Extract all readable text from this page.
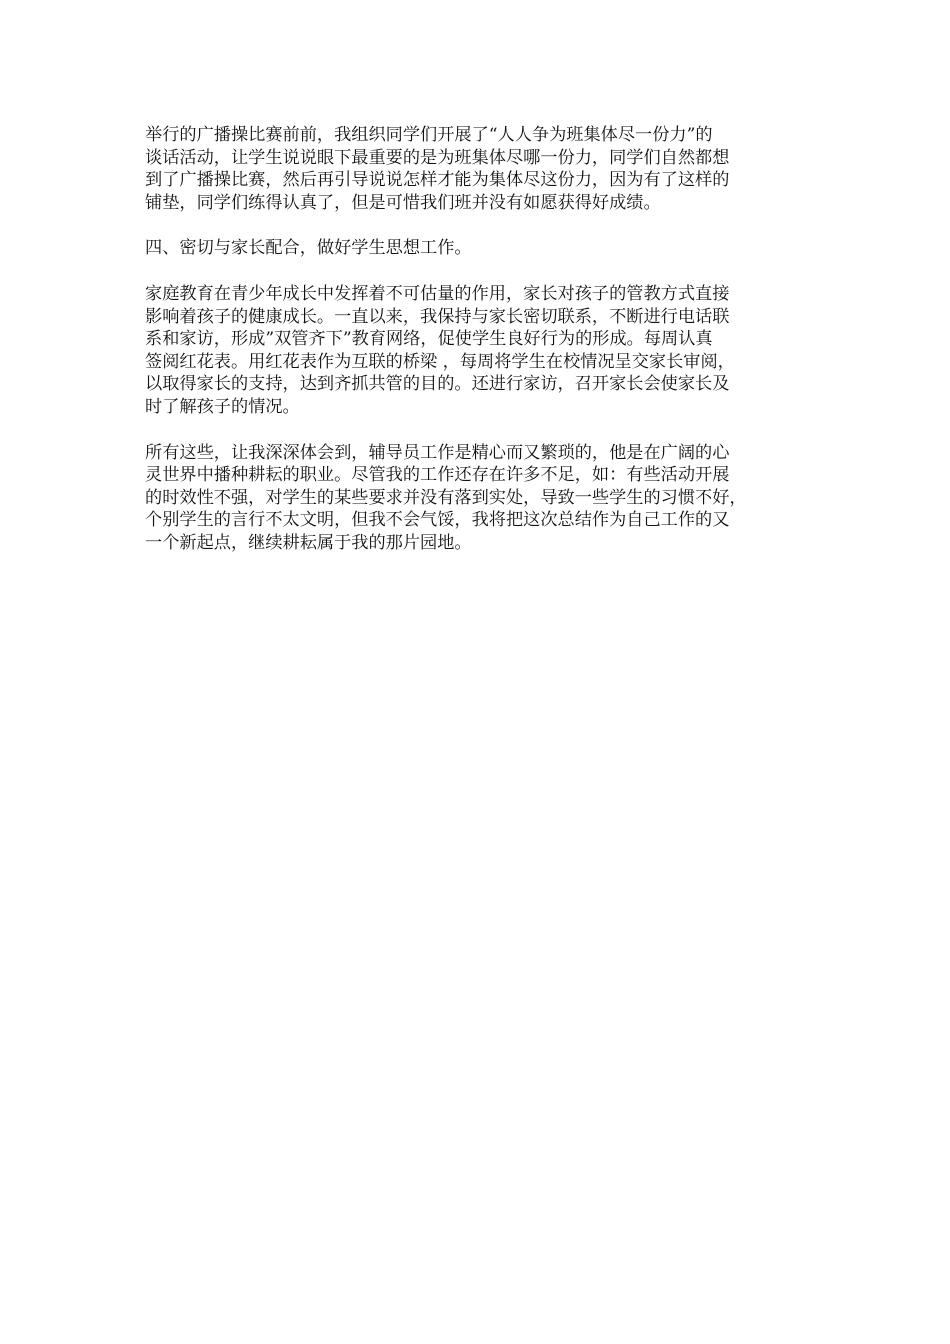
举行的广播操比赛前前，我组织同学们开展了“人人争为班集体尽一份力”的
谈话活动，让学生说说眼下最重要的是为班集体尽哪一份力，同学们自然都想
到了广播操比赛，然后再引导说说怎样才能为集体尽这份力，因为有了这样的
铺垫，同学们练得认真了，但是可惜我们班并没有如愿获得好成绩。

四、密切与家长配合，做好学生思想工作。

家庭教育在青少年成长中发挥着不可估量的作用，家长对孩子的管教方式直接
影响着孩子的健康成长。一直以来，我保持与家长密切联系，不断进行电话联
系和家访，形成”双管齐下”教育网络，促使学生良好行为的形成。每周认真
签阅红花表。用红花表作为互联的桥梁 ，每周将学生在校情况呈交家长审阅，
以取得家长的支持，达到齐抓共管的目的。还进行家访，召开家长会使家长及
时了解孩子的情况。

所有这些，让我深深体会到，辅导员工作是精心而又繁琐的，他是在广阔的心
灵世界中播种耕耘的职业。尽管我的工作还存在许多不足，如：有些活动开展
的时效性不强，对学生的某些要求并没有落到实处，导致一些学生的习惯不好，
个别学生的言行不太文明，但我不会气馁，我将把这次总结作为自己工作的又
一个新起点，继续耕耘属于我的那片园地。
